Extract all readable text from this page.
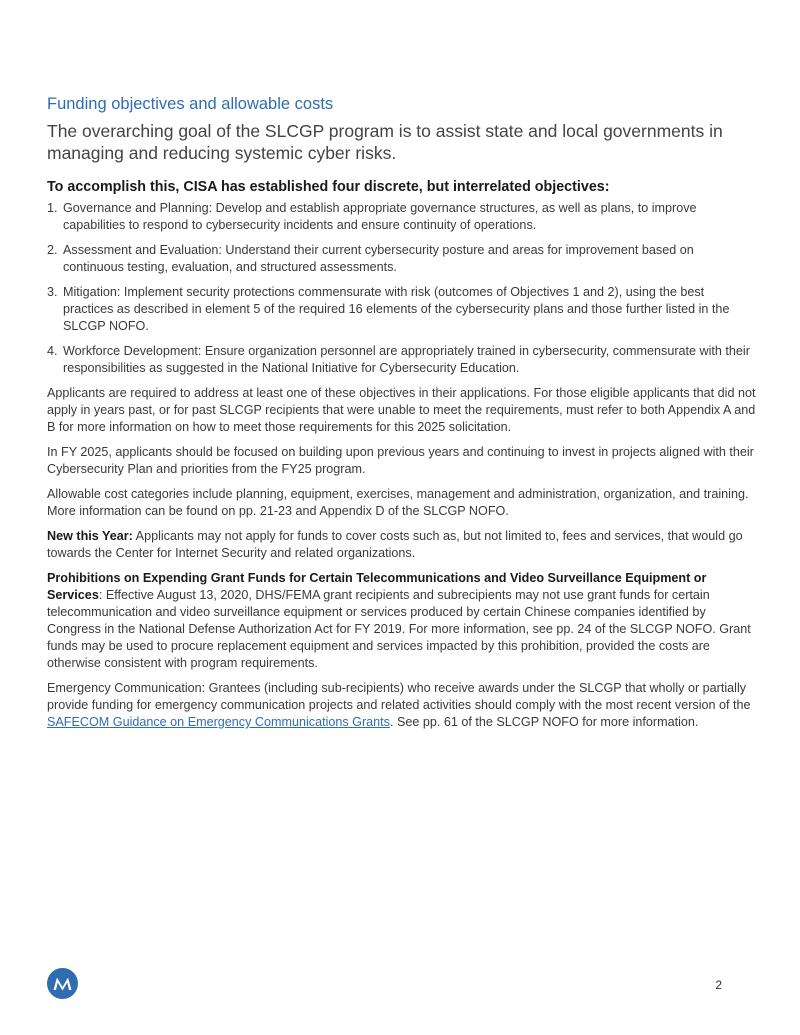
Funding objectives and allowable costs

The overarching goal of the SLCGP program is to assist state and local governments in managing and reducing systemic cyber risks.

To accomplish this, CISA has established four discrete, but interrelated objectives:
1. Governance and Planning: Develop and establish appropriate governance structures, as well as plans, to improve capabilities to respond to cybersecurity incidents and ensure continuity of operations.
2. Assessment and Evaluation: Understand their current cybersecurity posture and areas for improvement based on continuous testing, evaluation, and structured assessments.
3. Mitigation: Implement security protections commensurate with risk (outcomes of Objectives 1 and 2), using the best practices as described in element 5 of the required 16 elements of the cybersecurity plans and those further listed in the SLCGP NOFO.
4. Workforce Development: Ensure organization personnel are appropriately trained in cybersecurity, commensurate with their responsibilities as suggested in the National Initiative for Cybersecurity Education.

Applicants are required to address at least one of these objectives in their applications. For those eligible applicants that did not apply in years past, or for past SLCGP recipients that were unable to meet the requirements, must refer to both Appendix A and B for more information on how to meet those requirements for this 2025 solicitation.

In FY 2025, applicants should be focused on building upon previous years and continuing to invest in projects aligned with their Cybersecurity Plan and priorities from the FY25 program.

Allowable cost categories include planning, equipment, exercises, management and administration, organization, and training. More information can be found on pp. 21-23 and Appendix D of the SLCGP NOFO.

New this Year: Applicants may not apply for funds to cover costs such as, but not limited to, fees and services, that would go towards the Center for Internet Security and related organizations.

Prohibitions on Expending Grant Funds for Certain Telecommunications and Video Surveillance Equipment or Services: Effective August 13, 2020, DHS/FEMA grant recipients and subrecipients may not use grant funds for certain telecommunication and video surveillance equipment or services produced by certain Chinese companies identified by Congress in the National Defense Authorization Act for FY 2019. For more information, see pp. 24 of the SLCGP NOFO. Grant funds may be used to procure replacement equipment and services impacted by this prohibition, provided the costs are otherwise consistent with program requirements.

Emergency Communication: Grantees (including sub-recipients) who receive awards under the SLCGP that wholly or partially provide funding for emergency communication projects and related activities should comply with the most recent version of the SAFECOM Guidance on Emergency Communications Grants. See pp. 61 of the SLCGP NOFO for more information.

2
